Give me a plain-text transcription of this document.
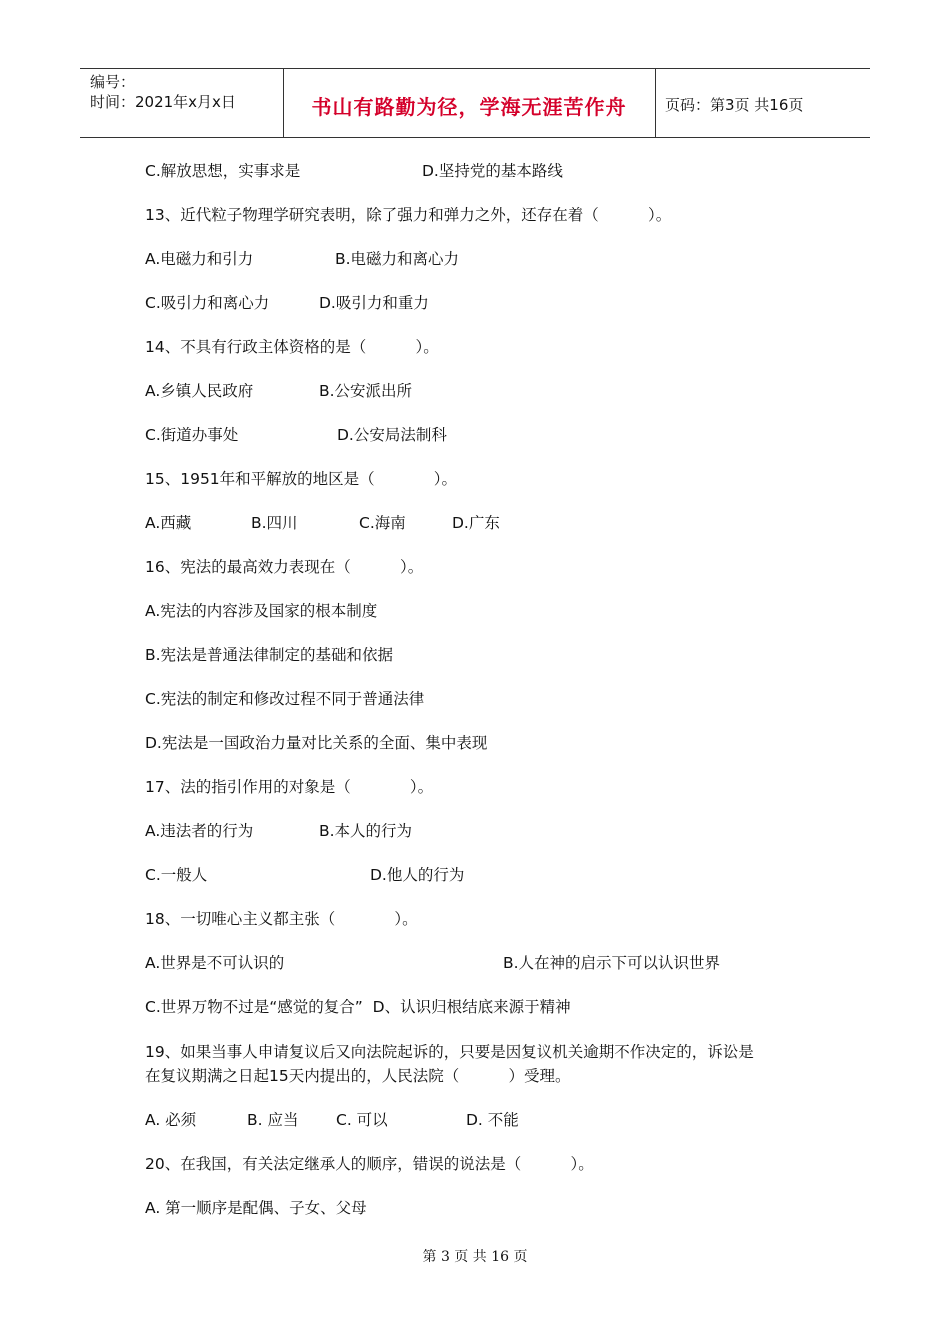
编号：
时间：2021年x月x日	书山有路勤为径，学海无涯苦作舟	页码：第3页 共16页

C.解放思想，实事求是

	D.坚持党的基本路线

13、近代粒子物理学研究表明，除了强力和弹力之外，还存在着（          ）。

A.电磁力和引力

	B.电磁力和离心力

C.吸引力和离心力

	D.吸引力和重力

14、不具有行政主体资格的是（          ）。

A.乡镇人民政府

	B.公安派出所

C.街道办事处

	D.公安局法制科

15、1951年和平解放的地区是（            ）。

A.西藏

	B.四川

	C.海南

	D.广东

16、宪法的最高效力表现在（          ）。
A.宪法的内容涉及国家的根本制度
B.宪法是普通法律制定的基础和依据
C.宪法的制定和修改过程不同于普通法律
D.宪法是一国政治力量对比关系的全面、集中表现
17、法的指引作用的对象是（            ）。

A.违法者的行为

	B.本人的行为

C.一般人

	D.他人的行为

18、一切唯心主义都主张（            ）。

A.世界是不可认识的

	B.人在神的启示下可以认识世界

C.世界万物不过是“感觉的复合”  D、认识归根结底来源于精神
19、如果当事人申请复议后又向法院起诉的，只要是因复议机关逾期不作决定的，诉讼是
在复议期满之日起15天内提出的，人民法院（          ）受理。

A. 必须

	B. 应当

C. 可以

	D. 不能

20、在我国，有关法定继承人的顺序，错误的说法是（          ）。
A. 第一顺序是配偶、子女、父母
第 3 页 共 16 页
